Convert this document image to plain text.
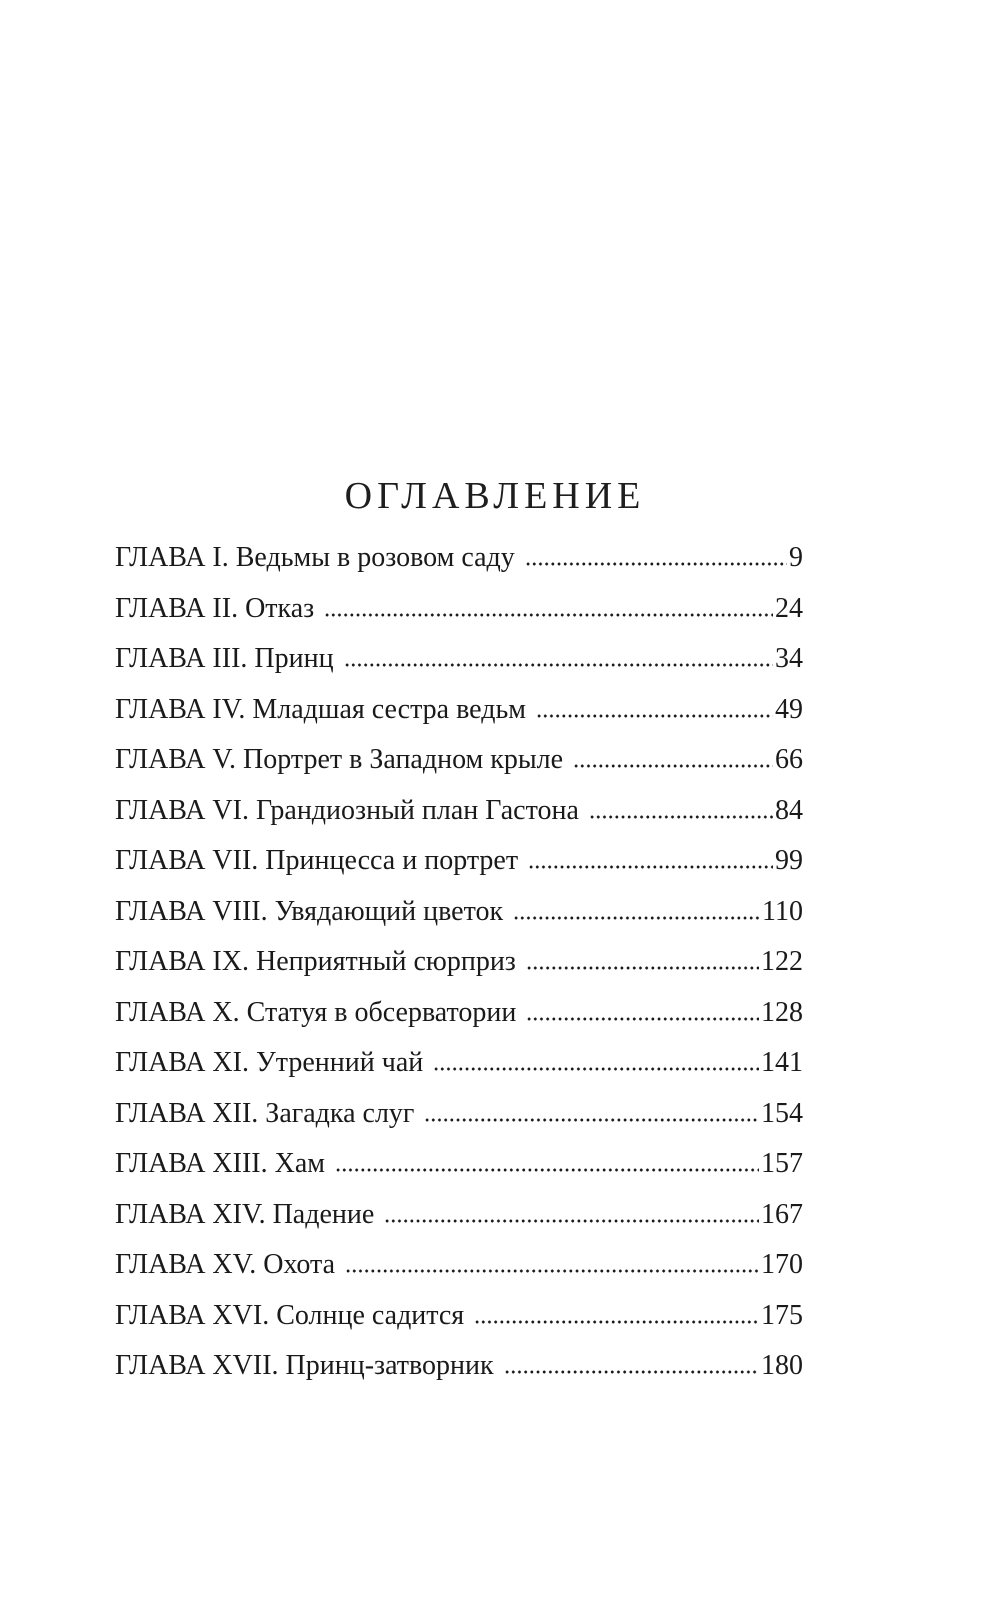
ОГЛАВЛЕНИЕ
ГЛАВА I. Ведьмы в розовом саду	9
ГЛАВА II. Отказ	24
ГЛАВА III. Принц	34
ГЛАВА IV. Младшая сестра ведьм	49
ГЛАВА V. Портрет в Западном крыле	66
ГЛАВА VI. Грандиозный план Гастона	84
ГЛАВА VII. Принцесса и портрет	99
ГЛАВА VIII. Увядающий цветок	110
ГЛАВА IX. Неприятный сюрприз	122
ГЛАВА X. Статуя в обсерватории	128
ГЛАВА XI. Утренний чай	141
ГЛАВА XII. Загадка слуг	154
ГЛАВА XIII. Хам	157
ГЛАВА XIV. Падение	167
ГЛАВА XV. Охота	170
ГЛАВА XVI. Солнце садится	175
ГЛАВА XVII. Принц-затворник	180
